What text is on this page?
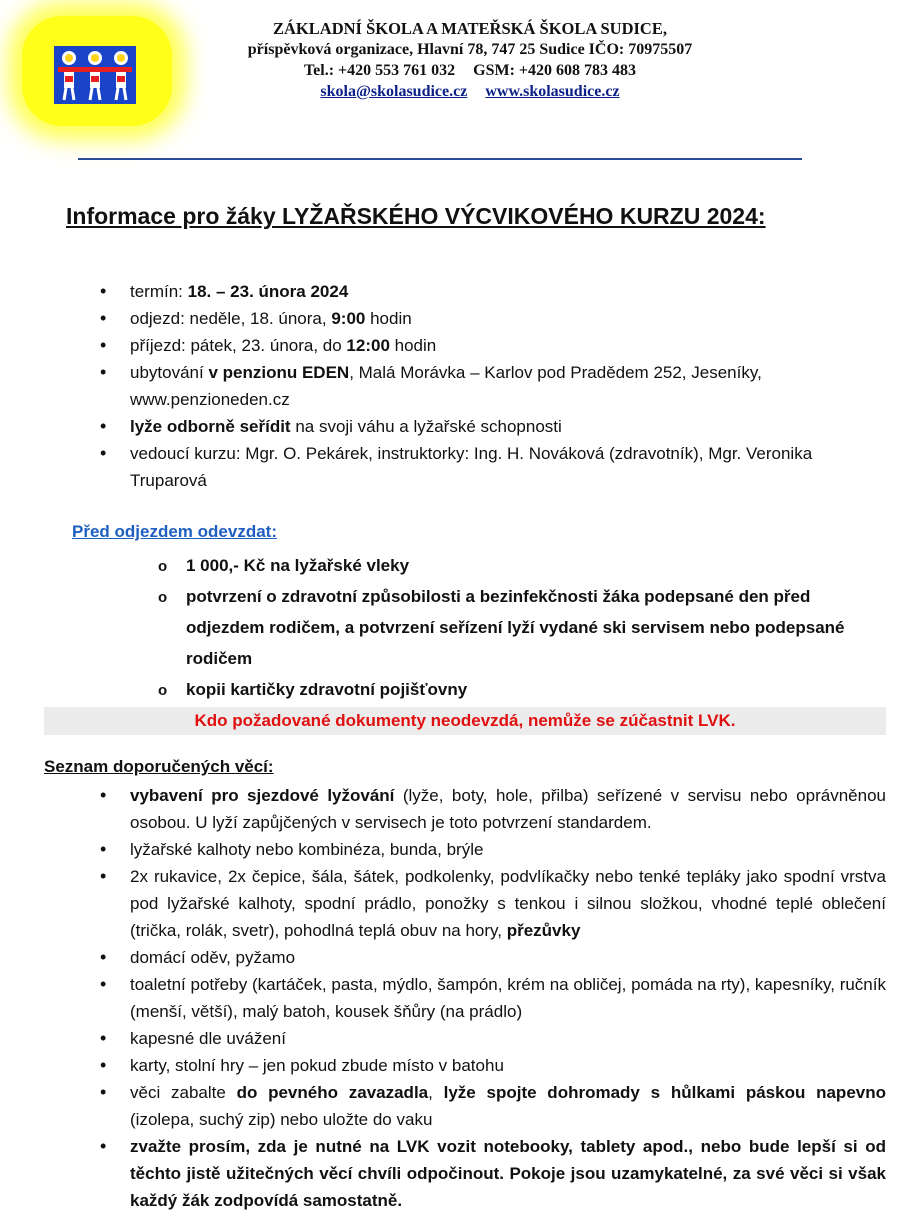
ZÁKLADNÍ ŠKOLA A MATEŘSKÁ ŠKOLA SUDICE,
příspěvková organizace, Hlavní 78, 747 25 Sudice IČO: 70975507
Tel.: +420 553 761 032 GSM: +420 608 783 483
skola@skolasudice.cz www.skolasudice.cz
Informace pro žáky LYŽAŘSKÉHO VÝCVIKOVÉHO KURZU 2024:
• termín: 18. – 23. února 2024
• odjezd: neděle, 18. února, 9:00 hodin
• příjezd: pátek, 23. února, do 12:00 hodin
• ubytování v penzionu EDEN, Malá Morávka – Karlov pod Pradědem 252, Jeseníky, www.penzioneden.cz
• lyže odborně seřídit na svoji váhu a lyžařské schopnosti
• vedoucí kurzu: Mgr. O. Pekárek, instruktorky: Ing. H. Nováková (zdravotník), Mgr. Veronika Truparová
Před odjezdem odevzdat:
o 1 000,- Kč na lyžařské vleky
o potvrzení o zdravotní způsobilosti a bezinfekčnosti žáka podepsané den před odjezdem rodičem, a potvrzení seřízení lyží vydané ski servisem nebo podepsané rodičem
o kopii kartičky zdravotní pojišťovny
Kdo požadované dokumenty neodevzdá, nemůže se zúčastnit LVK.
Seznam doporučených věcí:
• vybavení pro sjezdové lyžování (lyže, boty, hole, přilba) seřízené v servisu nebo oprávněnou osobou. U lyží zapůjčených v servisech je toto potvrzení standardem.
• lyžařské kalhoty nebo kombinéza, bunda, brýle
• 2x rukavice, 2x čepice, šála, šátek, podkolenky, podvlíkačky nebo tenké tepláky jako spodní vrstva pod lyžařské kalhoty, spodní prádlo, ponožky s tenkou i silnou složkou, vhodné teplé oblečení (trička, rolák, svetr), pohodlná teplá obuv na hory, přezůvky
• domácí oděv, pyžamo
• toaletní potřeby (kartáček, pasta, mýdlo, šampón, krém na obličej, pomáda na rty), kapesníky, ručník (menší, větší), malý batoh, kousek šňůry (na prádlo)
• kapesné dle uvážení
• karty, stolní hry – jen pokud zbude místo v batohu
• věci zabalte do pevného zavazadla, lyže spojte dohromady s hůlkami páskou napevno (izolepa, suchý zip) nebo uložte do vaku
• zvažte prosím, zda je nutné na LVK vozit notebooky, tablety apod., nebo bude lepší si od těchto jistě užitečných věcí chvíli odpočinout. Pokoje jsou uzamykatelné, za své věci si však každý žák zodpovídá samostatně.
